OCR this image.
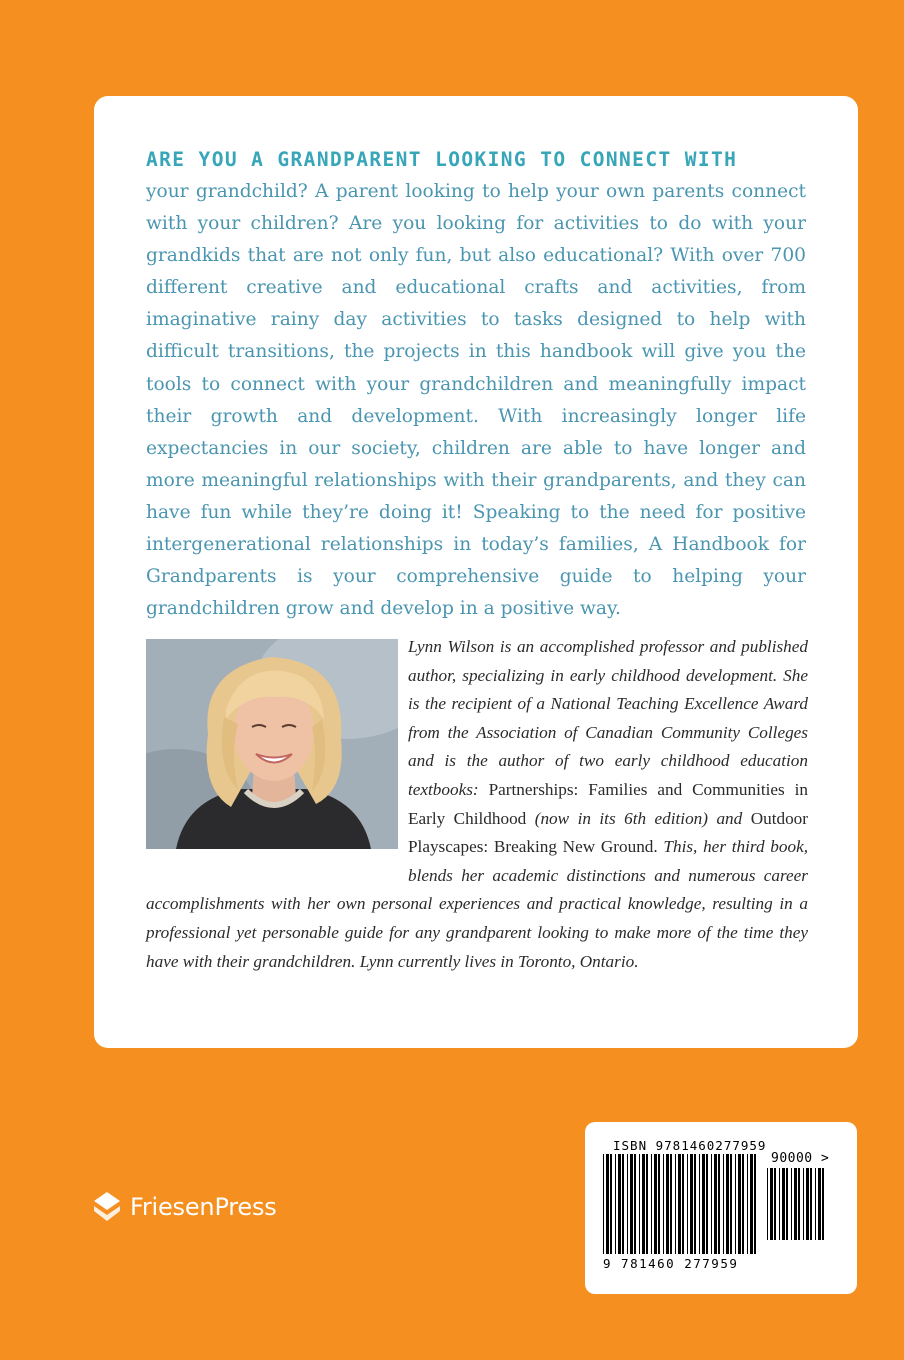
ARE YOU A GRANDPARENT LOOKING TO CONNECT WITH
your grandchild? A parent looking to help your own parents connect with your children? Are you looking for activities to do with your grandkids that are not only fun, but also educational? With over 700 different creative and educational crafts and activities, from imaginative rainy day activities to tasks designed to help with difficult transitions, the projects in this handbook will give you the tools to connect with your grandchildren and meaningfully impact their growth and development. With increasingly longer life expectancies in our society, children are able to have longer and more meaningful relationships with their grandparents, and they can have fun while they’re doing it! Speaking to the need for positive intergenerational relationships in today’s families, A Handbook for Grandparents is your comprehensive guide to helping your grandchildren grow and develop in a positive way.
Lynn Wilson is an accomplished professor and published author, specializing in early childhood development. She is the recipient of a National Teaching Excellence Award from the Association of Canadian Community Colleges and is the author of two early childhood education textbooks: Partnerships: Families and Communities in Early Childhood (now in its 6th edition) and Outdoor Playscapes: Breaking New Ground. This, her third book, blends her academic distinctions and numerous career accomplishments with her own personal experiences and practical knowledge, resulting in a professional yet personable guide for any grandparent looking to make more of the time they have with their grandchildren. Lynn currently lives in Toronto, Ontario.
FriesenPress
ISBN 9781460277959
90000 >
9 781460 277959
